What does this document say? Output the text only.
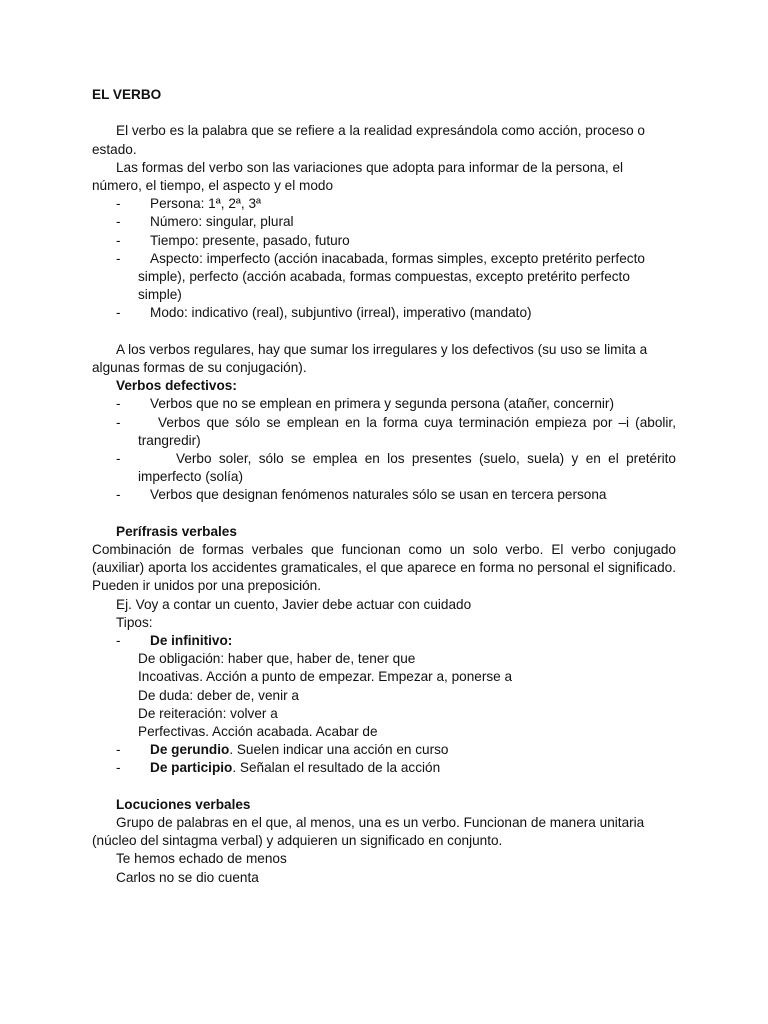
EL VERBO

El verbo es la palabra que se refiere a la realidad expresándola como acción, proceso o estado.

Las formas del verbo son las variaciones que adopta para informar de la persona, el número, el tiempo, el aspecto y el modo

- Persona: 1ª, 2ª, 3ª
- Número: singular, plural
- Tiempo: presente, pasado, futuro
- Aspecto: imperfecto (acción inacabada, formas simples, excepto pretérito perfecto simple), perfecto (acción acabada, formas compuestas, excepto pretérito perfecto simple)
- Modo: indicativo (real), subjuntivo (irreal), imperativo (mandato)

A los verbos regulares, hay que sumar los irregulares y los defectivos (su uso se limita a algunas formas de su conjugación).

Verbos defectivos:

- Verbos que no se emplean en primera y segunda persona (atañer, concernir)
-	Verbos que sólo se emplean en la forma cuya terminación empieza por –i (abolir, trangredir)
-	Verbo soler, sólo se emplea en los presentes (suelo, suela) y en el pretérito imperfecto (solía)
- Verbos que designan fenómenos naturales sólo se usan en tercera persona

Perífrasis verbales

Combinación de formas verbales que funcionan como un solo verbo. El verbo conjugado (auxiliar) aporta los accidentes gramaticales, el que aparece en forma no personal el significado. Pueden ir unidos por una preposición.

Ej. Voy a contar un cuento, Javier debe actuar con cuidado

Tipos:

- De infinitivo:

De obligación: haber que, haber de, tener que

Incoativas. Acción a punto de empezar. Empezar a, ponerse a

De duda: deber de, venir a

De reiteración: volver a

Perfectivas. Acción acabada. Acabar de

- De gerundio. Suelen indicar una acción en curso
- De participio. Señalan el resultado de la acción

Locuciones verbales

Grupo de palabras en el que, al menos, una es un verbo. Funcionan de manera unitaria (núcleo del sintagma verbal) y adquieren un significado en conjunto.

Te hemos echado de menos

Carlos no se dio cuenta
